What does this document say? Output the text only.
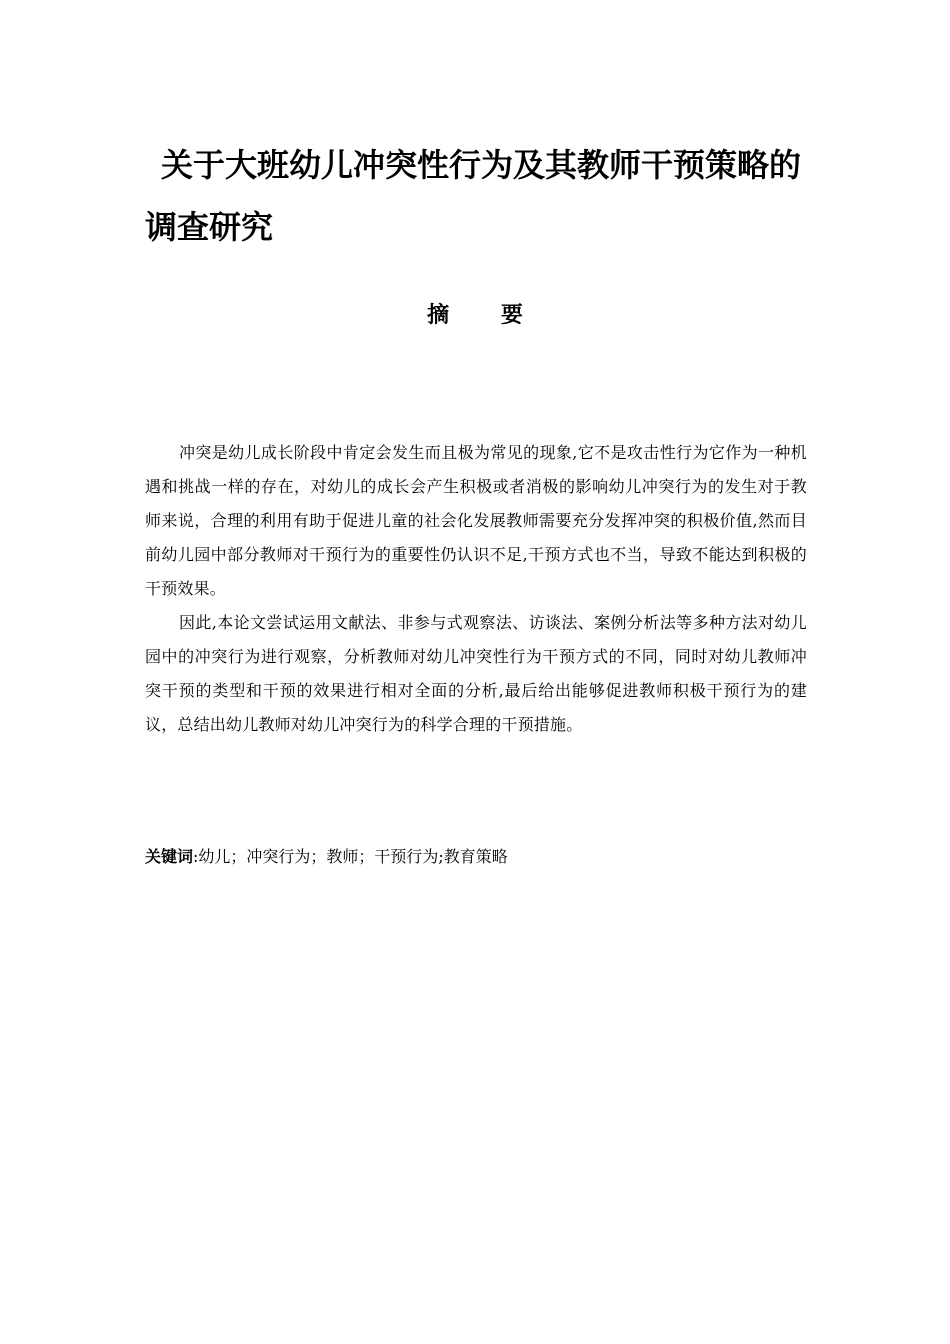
关于大班幼儿冲突性行为及其教师干预策略的调查研究
摘 要

冲突是幼儿成长阶段中肯定会发生而且极为常见的现象,它不是攻击性行为它作为一种机遇和挑战一样的存在，对幼儿的成长会产生积极或者消极的影响幼儿冲突行为的发生对于教师来说，合理的利用有助于促进儿童的社会化发展教师需要充分发挥冲突的积极价值,然而目前幼儿园中部分教师对干预行为的重要性仍认识不足,干预方式也不当，导致不能达到积极的干预效果。

因此,本论文尝试运用文献法、非参与式观察法、访谈法、案例分析法等多种方法对幼儿园中的冲突行为进行观察，分析教师对幼儿冲突性行为干预方式的不同，同时对幼儿教师冲突干预的类型和干预的效果进行相对全面的分析,最后给出能够促进教师积极干预行为的建议，总结出幼儿教师对幼儿冲突行为的科学合理的干预措施。

关键词:幼儿；冲突行为；教师；干预行为;教育策略
